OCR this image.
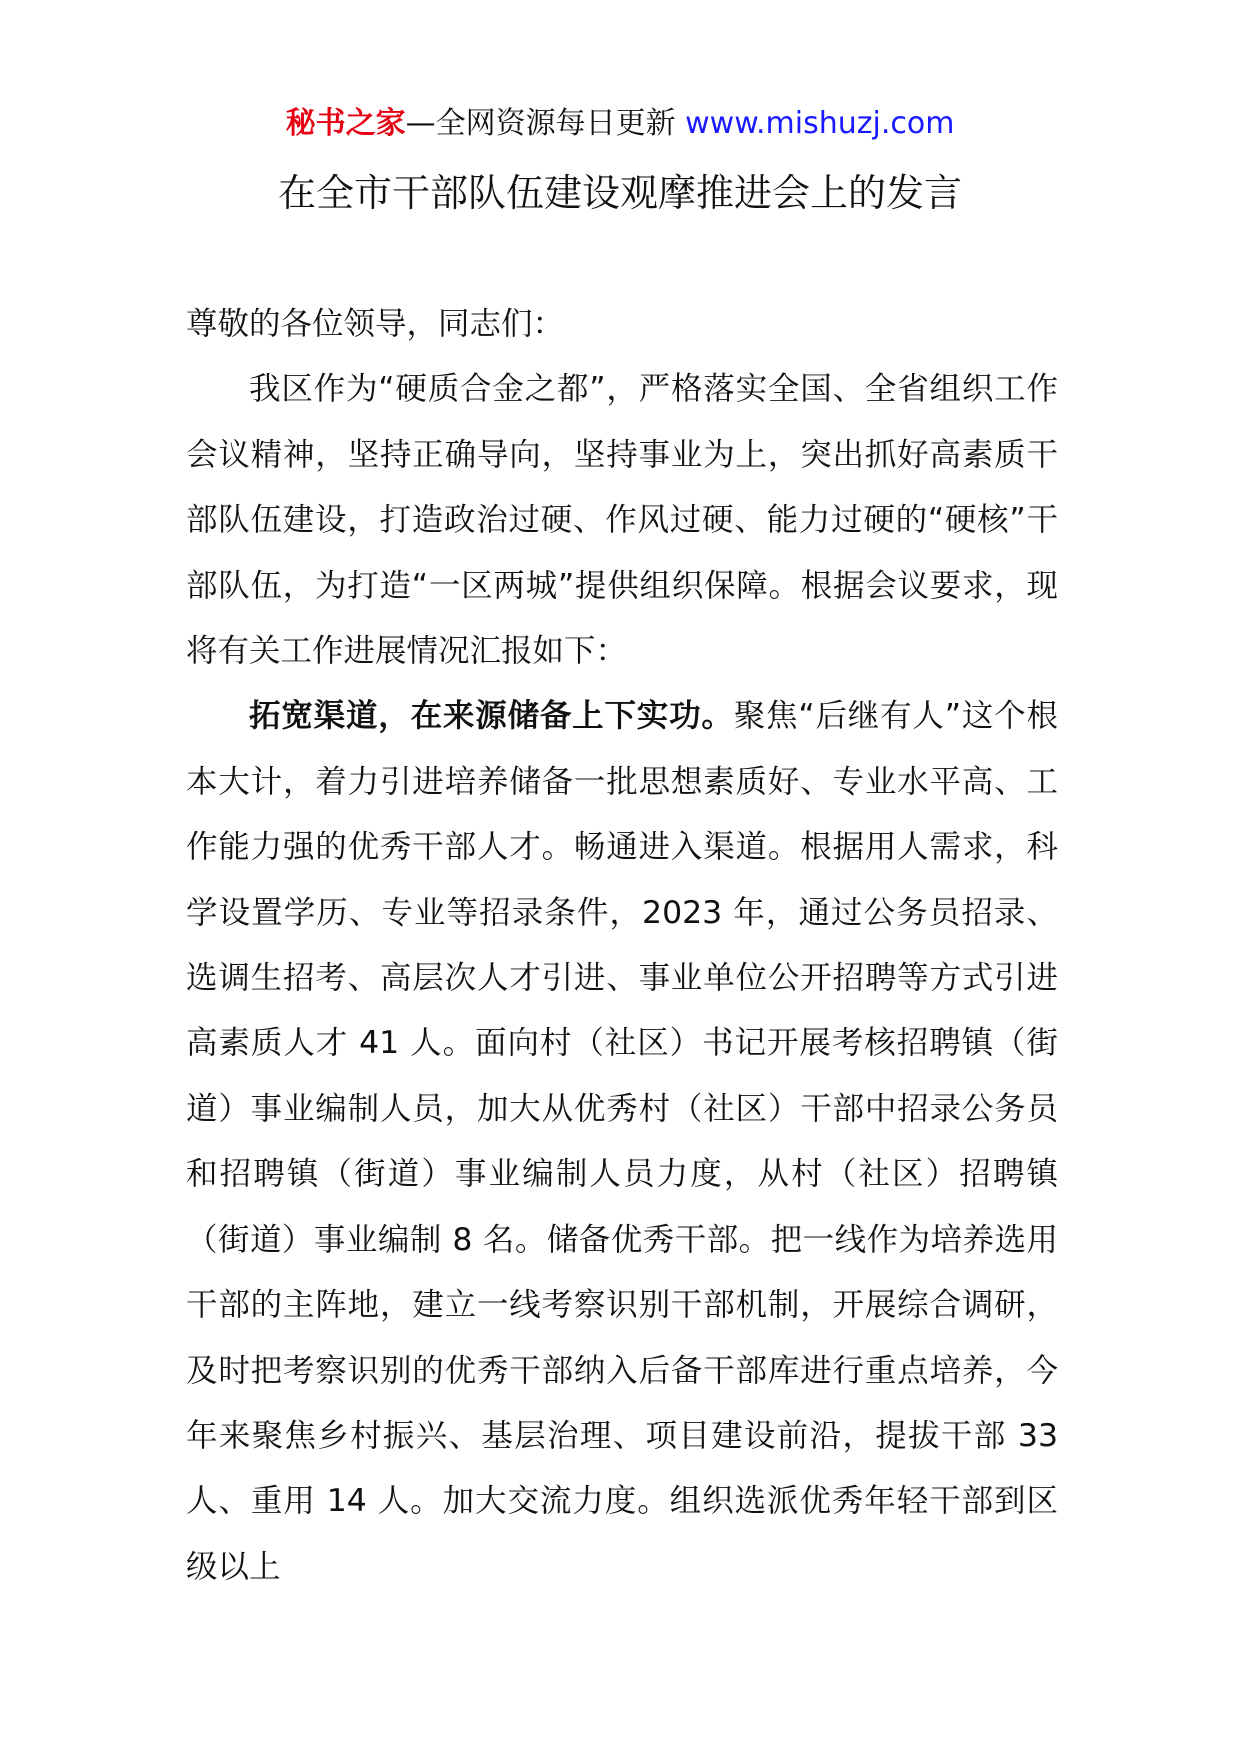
秘书之家—全网资源每日更新 www.mishuzj.com
在全市干部队伍建设观摩推进会上的发言

尊敬的各位领导，同志们：

我区作为“硬质合金之都”，严格落实全国、全省组织工作会议精神，坚持正确导向，坚持事业为上，突出抓好高素质干部队伍建设，打造政治过硬、作风过硬、能力过硬的“硬核”干部队伍，为打造“一区两城”提供组织保障。根据会议要求，现将有关工作进展情况汇报如下：

拓宽渠道，在来源储备上下实功。聚焦“后继有人”这个根本大计，着力引进培养储备一批思想素质好、专业水平高、工作能力强的优秀干部人才。畅通进入渠道。根据用人需求，科学设置学历、专业等招录条件，2023 年，通过公务员招录、选调生招考、高层次人才引进、事业单位公开招聘等方式引进高素质人才 41 人。面向村（社区）书记开展考核招聘镇（街道）事业编制人员，加大从优秀村（社区）干部中招录公务员和招聘镇（街道）事业编制人员力度，从村（社区）招聘镇（街道）事业编制 8 名。储备优秀干部。把一线作为培养选用干部的主阵地，建立一线考察识别干部机制，开展综合调研，及时把考察识别的优秀干部纳入后备干部库进行重点培养，今年来聚焦乡村振兴、基层治理、项目建设前沿，提拔干部 33 人、重用 14 人。加大交流力度。组织选派优秀年轻干部到区级以上
